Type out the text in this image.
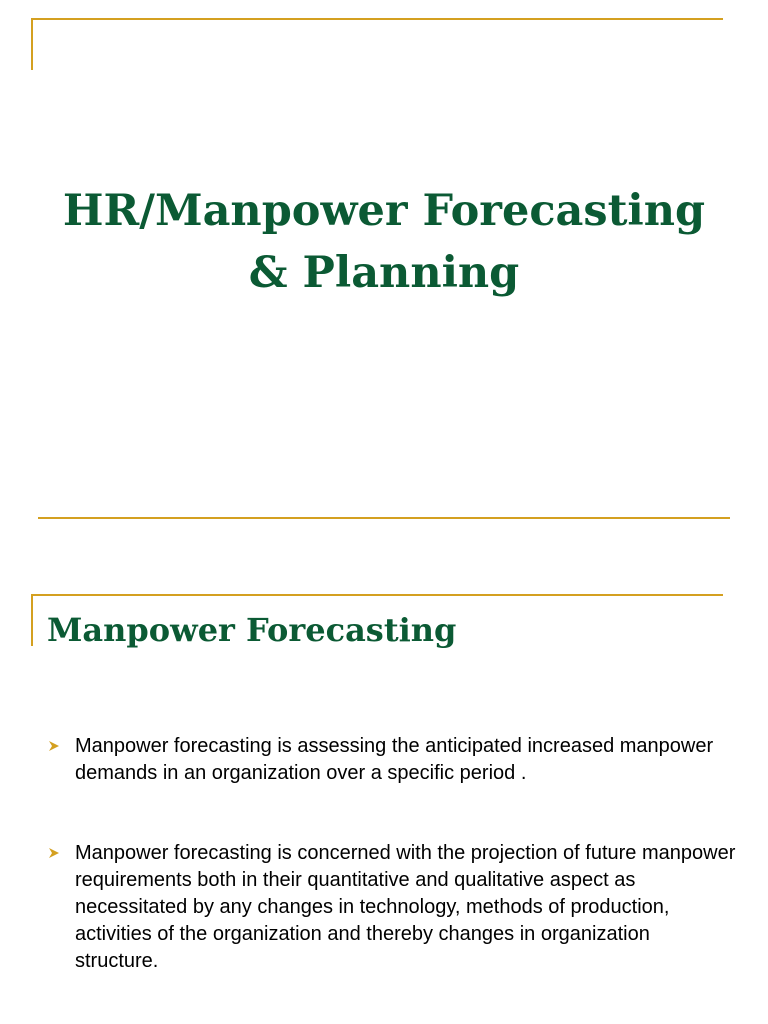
HR/Manpower Forecasting
& Planning
Manpower Forecasting
Manpower forecasting is assessing the anticipated increased manpower demands in an organization over a specific period .
Manpower forecasting is concerned with the projection of future manpower requirements both in their quantitative and qualitative aspect as necessitated by any changes in technology, methods of production, activities of the organization and thereby changes in organization structure.
